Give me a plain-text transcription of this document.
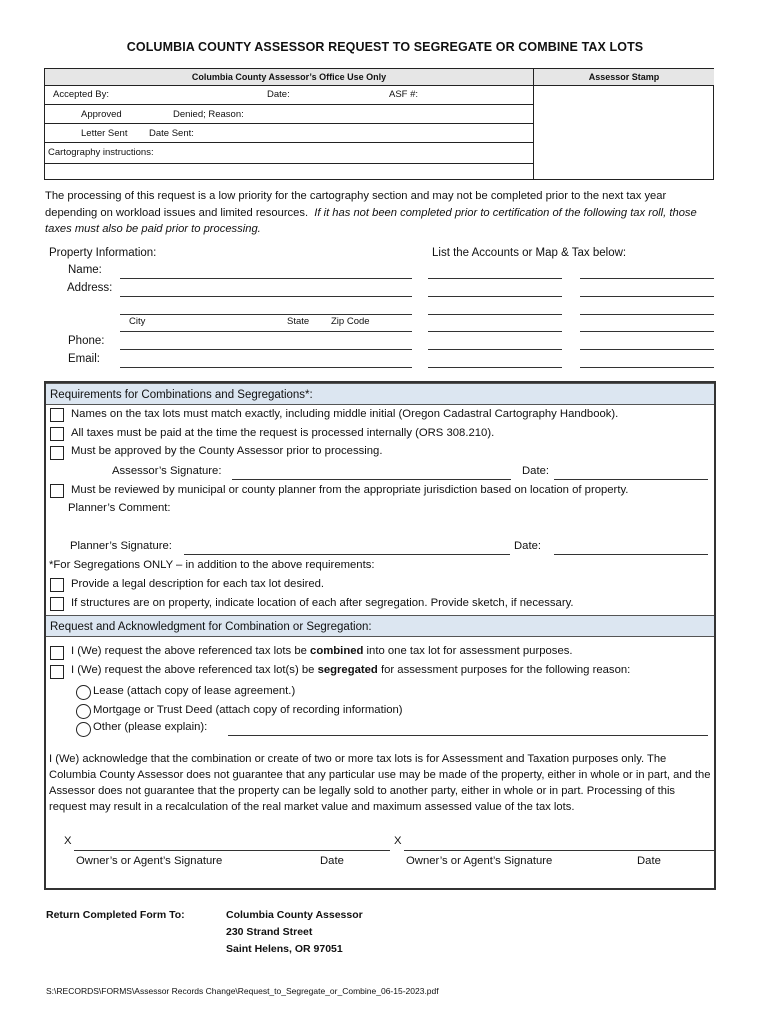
COLUMBIA COUNTY ASSESSOR REQUEST TO SEGREGATE OR COMBINE TAX LOTS
Columbia County Assessor’s Office Use Only
Accepted By:	Date:	ASF #:
Approved	Denied; Reason:
Letter Sent Date Sent:
Cartography instructions:
Assessor Stamp
The processing of this request is a low priority for the cartography section and may not be completed prior to the next tax year depending on workload issues and limited resources. If it has not been completed prior to certification of the following tax roll, those taxes must also be paid prior to processing.
Property Information:	List the Accounts or Map & Tax below:
Name:
Address:
City	State Zip Code
Phone:
Email:
Requirements for Combinations and Segregations*:
Names on the tax lots must match exactly, including middle initial (Oregon Cadastral Cartography Handbook).
All taxes must be paid at the time the request is processed internally (ORS 308.210).
Must be approved by the County Assessor prior to processing.
Assessor’s Signature:	Date:
Must be reviewed by municipal or county planner from the appropriate jurisdiction based on location of property.
Planner’s Comment:
Planner’s Signature:	Date:
*For Segregations ONLY – in addition to the above requirements:
Provide a legal description for each tax lot desired.
If structures are on property, indicate location of each after segregation. Provide sketch, if necessary.
Request and Acknowledgment for Combination or Segregation:
I (We) request the above referenced tax lots be combined into one tax lot for assessment purposes.
I (We) request the above referenced tax lot(s) be segregated for assessment purposes for the following reason:
Lease (attach copy of lease agreement.)
Mortgage or Trust Deed (attach copy of recording information)
Other (please explain):
I (We) acknowledge that the combination or create of two or more tax lots is for Assessment and Taxation purposes only. The Columbia County Assessor does not guarantee that any particular use may be made of the property, either in whole or in part, and the Assessor does not guarantee that the property can be legally sold to another party, either in whole or in part. Processing of this request may result in a recalculation of the real market value and maximum assessed value of the tax lots.
X	X
Owner’s or Agent’s Signature	Date	Owner’s or Agent’s Signature	Date
Return Completed Form To:	Columbia County Assessor
230 Strand Street
Saint Helens, OR 97051
S:\RECORDS\FORMS\Assessor Records Change\Request_to_Segregate_or_Combine_06-15-2023.pdf
